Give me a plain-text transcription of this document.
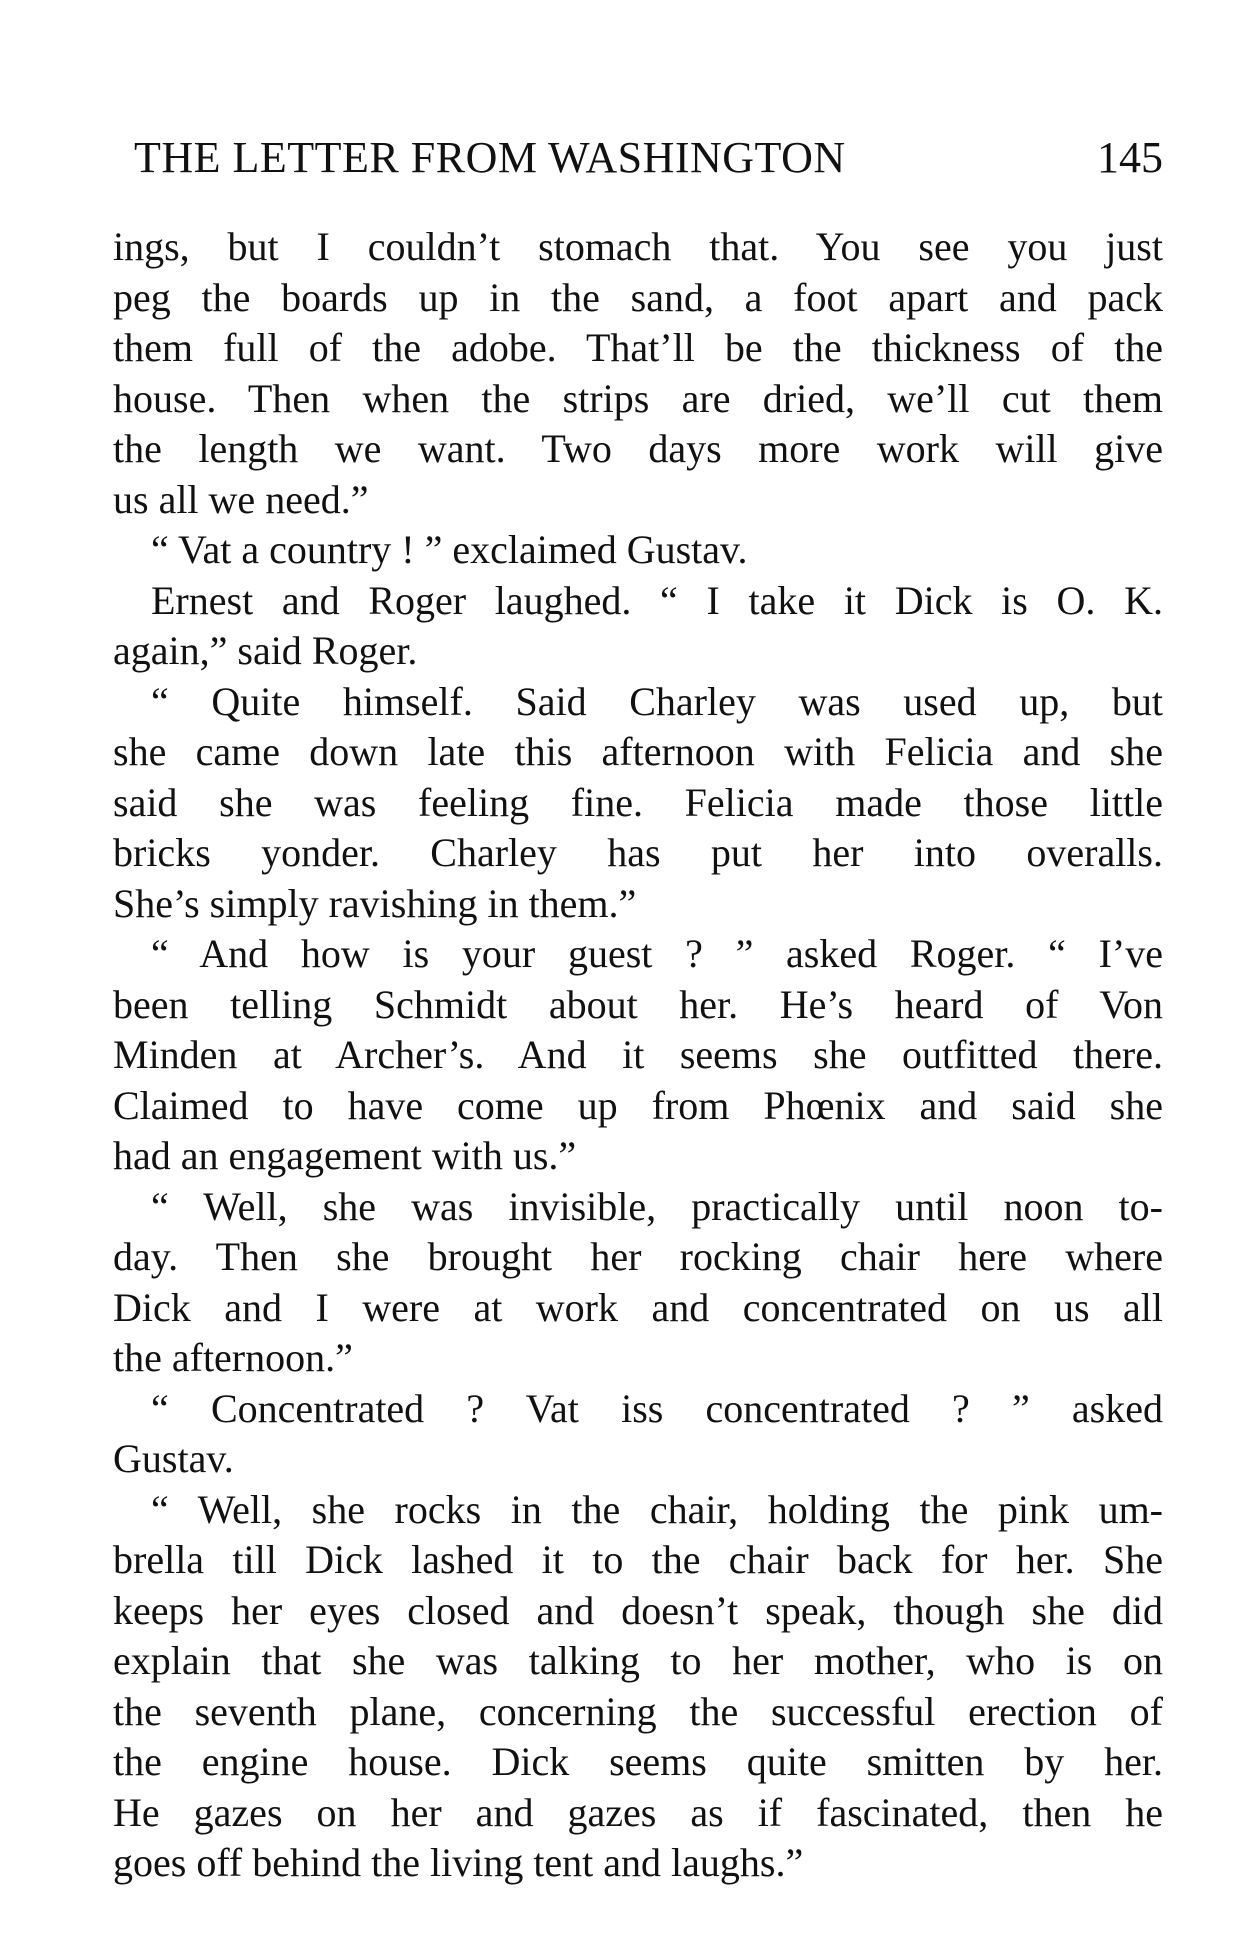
THE LETTER FROM WASHINGTON	145
ings, but I couldn’t stomach that. You see you just
peg the boards up in the sand, a foot apart and pack
them full of the adobe. That’ll be the thickness of the
house. Then when the strips are dried, we’ll cut them
the length we want. Two days more work will give
us all we need.”
“ Vat a country ! ” exclaimed Gustav.
Ernest and Roger laughed. “ I take it Dick is O. K.
again,” said Roger.
“ Quite himself. Said Charley was used up, but
she came down late this afternoon with Felicia and she
said she was feeling fine. Felicia made those little
bricks yonder. Charley has put her into overalls.
She’s simply ravishing in them.”
“ And how is your guest ? ” asked Roger. “ I’ve
been telling Schmidt about her. He’s heard of Von
Minden at Archer’s. And it seems she outfitted there.
Claimed to have come up from Phœnix and said she
had an engagement with us.”
“ Well, she was invisible, practically until noon to-
day. Then she brought her rocking chair here where
Dick and I were at work and concentrated on us all
the afternoon.”
“ Concentrated ? Vat iss concentrated ? ” asked
Gustav.
“ Well, she rocks in the chair, holding the pink um-
brella till Dick lashed it to the chair back for her. She
keeps her eyes closed and doesn’t speak, though she did
explain that she was talking to her mother, who is on
the seventh plane, concerning the successful erection of
the engine house. Dick seems quite smitten by her.
He gazes on her and gazes as if fascinated, then he
goes off behind the living tent and laughs.”
